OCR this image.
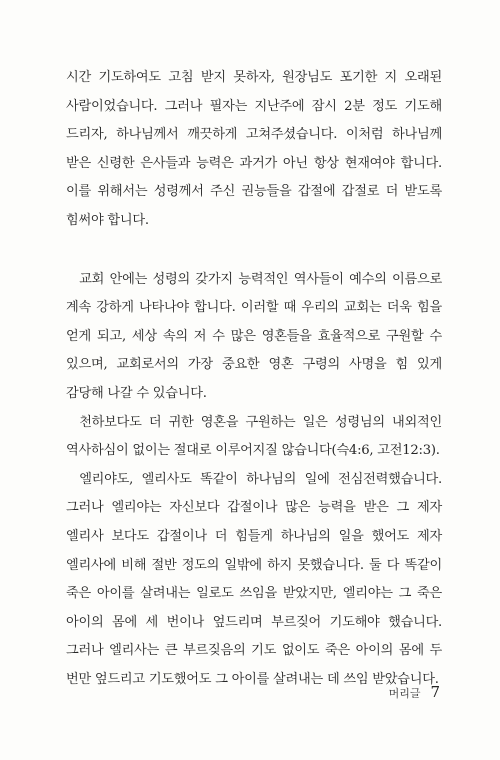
시간 기도하여도 고침 받지 못하자, 원장님도 포기한 지 오래된 사람이었습니다. 그러나 필자는 지난주에 잠시 2분 정도 기도해 드리자, 하나님께서 깨끗하게 고쳐주셨습니다. 이처럼 하나님께 받은 신령한 은사들과 능력은 과거가 아닌 항상 현재여야 합니다. 이를 위해서는 성령께서 주신 권능들을 갑절에 갑절로 더 받도록 힘써야 합니다.

교회 안에는 성령의 갖가지 능력적인 역사들이 예수의 이름으로 계속 강하게 나타나야 합니다. 이러할 때 우리의 교회는 더욱 힘을 얻게 되고, 세상 속의 저 수 많은 영혼들을 효율적으로 구원할 수 있으며, 교회로서의 가장 중요한 영혼 구령의 사명을 힘 있게 감당해 나갈 수 있습니다.

천하보다도 더 귀한 영혼을 구원하는 일은 성령님의 내외적인 역사하심이 없이는 절대로 이루어지질 않습니다(슥4:6, 고전12:3).

엘리야도, 엘리사도 똑같이 하나님의 일에 전심전력했습니다. 그러나 엘리야는 자신보다 갑절이나 많은 능력을 받은 그 제자 엘리사 보다도 갑절이나 더 힘들게 하나님의 일을 했어도 제자 엘리사에 비해 절반 정도의 일밖에 하지 못했습니다. 둘 다 똑같이 죽은 아이를 살려내는 일로도 쓰임을 받았지만, 엘리야는 그 죽은 아이의 몸에 세 번이나 엎드리며 부르짖어 기도해야 했습니다. 그러나 엘리사는 큰 부르짖음의 기도 없이도 죽은 아이의 몸에 두 번만 엎드리고 기도했어도 그 아이를 살려내는 데 쓰임 받았습니다.

머리글 7
